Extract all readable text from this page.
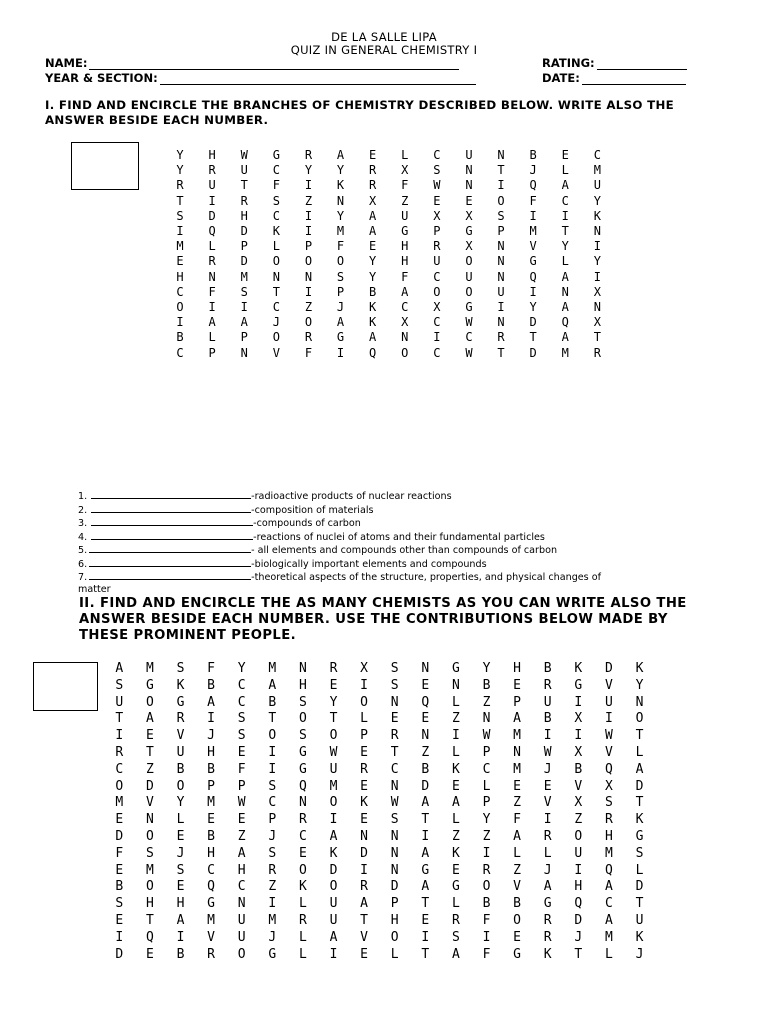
DE LA SALLE LIPA
QUIZ IN GENERAL CHEMISTRY I
NAME:	RATING:
YEAR & SECTION:	DATE:
I. FIND AND ENCIRCLE THE BRANCHES OF CHEMISTRY DESCRIBED BELOW. WRITE ALSO THE ANSWER BESIDE EACH NUMBER.
Y	H	W	G	R	A	E	L	C	U	N	B	E	C
Y	R	U	C	Y	Y	R	X	S	N	T	J	L	M
R	U	T	F	I	K	R	F	W	N	I	Q	A	U
T	I	R	S	Z	N	X	Z	E	E	O	F	C	Y
S	D	H	C	I	Y	A	U	X	X	S	I	I	K
I	Q	D	K	I	M	A	G	P	G	P	M	T	N
M	L	P	L	P	F	E	H	R	X	N	V	Y	I
E	R	D	O	O	O	Y	H	U	O	N	G	L	Y
H	N	M	N	N	S	Y	F	C	U	N	Q	A	I
C	F	S	T	I	P	B	A	O	O	U	I	N	X
O	I	I	C	Z	J	K	C	X	G	I	Y	A	N
I	A	A	J	O	A	K	X	C	W	N	D	Q	X
B	L	P	O	R	G	A	N	I	C	R	T	A	T
C	P	N	V	F	I	Q	O	C	W	T	D	M	R
1.	-radioactive products of nuclear reactions
2.	-composition of materials
3.	-compounds of carbon
4.	-reactions of nuclei of atoms and their fundamental particles
5.	- all elements and compounds other than compounds of carbon
6.	-biologically important elements and compounds
7.	-theoretical aspects of the structure, properties, and physical changes of
matter
II. FIND AND ENCIRCLE THE AS MANY CHEMISTS AS YOU CAN WRITE ALSO THE ANSWER BESIDE EACH NUMBER. USE THE CONTRIBUTIONS BELOW MADE BY THESE PROMINENT PEOPLE.
A	M	S	F	Y	M	N	R	X	S	N	G	Y	H	B	K	D	K
S	G	K	B	C	A	H	E	I	S	E	N	B	E	R	G	V	Y
U	O	G	A	C	B	S	Y	O	N	Q	L	Z	P	U	I	U	N
T	A	R	I	S	T	O	T	L	E	E	Z	N	A	B	X	I	O
I	E	V	J	S	O	S	O	P	R	N	I	W	M	I	I	W	T
R	T	U	H	E	I	G	W	E	T	Z	L	P	N	W	X	V	L
C	Z	B	B	F	I	G	U	R	C	B	K	C	M	J	B	Q	A
O	D	O	P	P	S	Q	M	E	N	D	E	L	E	E	V	X	D
M	V	Y	M	W	C	N	O	K	W	A	A	P	Z	V	X	S	T
E	N	L	E	E	P	R	I	E	S	T	L	Y	F	I	Z	R	K
D	O	E	B	Z	J	C	A	N	N	I	Z	Z	A	R	O	H	G
F	S	J	H	A	S	E	K	D	N	A	K	I	L	L	U	M	S
E	M	S	C	H	R	O	D	I	N	G	E	R	Z	J	I	Q	L
B	O	E	Q	C	Z	K	O	R	D	A	G	O	V	A	H	A	D
S	H	H	G	N	I	L	U	A	P	T	L	B	B	G	Q	C	T
E	T	A	M	U	M	R	U	T	H	E	R	F	O	R	D	A	U
I	Q	I	V	U	J	L	A	V	O	I	S	I	E	R	J	M	K
D	E	B	R	O	G	L	I	E	L	T	A	F	G	K	T	L	J
